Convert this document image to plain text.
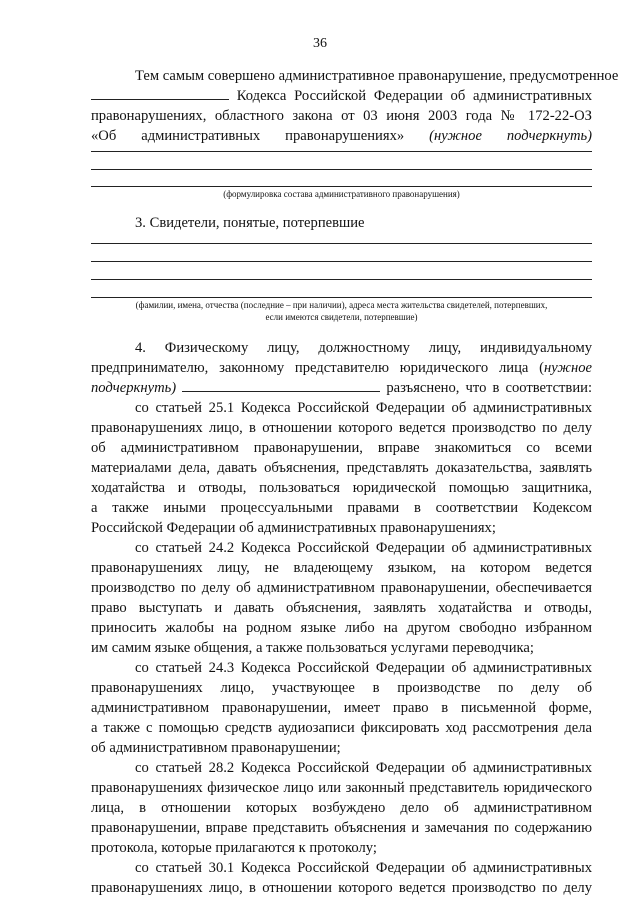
36
Тем самым совершено административное правонарушение, предусмотренное
Кодекса Российской Федерации об административных
правонарушениях, областного закона от 03 июня 2003 года № 172-22-ОЗ
«Об административных правонарушениях» (нужное подчеркнуть)
(формулировка состава административного правонарушения)
3. Свидетели, понятые, потерпевшие
(фамилии, имена, отчества (последние – при наличии), адреса места жительства свидетелей, потерпевших,
если имеются свидетели, потерпевшие)
4. Физическому лицу, должностному лицу, индивидуальному
предпринимателю, законному представителю юридического лица (нужное
подчеркнуть)	разъяснено, что в соответствии:
со статьей 25.1 Кодекса Российской Федерации об административных
правонарушениях лицо, в отношении которого ведется производство по делу
об административном правонарушении, вправе знакомиться со всеми
материалами дела, давать объяснения, представлять доказательства, заявлять
ходатайства и отводы, пользоваться юридической помощью защитника,
а также иными процессуальными правами в соответствии Кодексом
Российской Федерации об административных правонарушениях;
со статьей 24.2 Кодекса Российской Федерации об административных
правонарушениях лицу, не владеющему языком, на котором ведется
производство по делу об административном правонарушении, обеспечивается
право выступать и давать объяснения, заявлять ходатайства и отводы,
приносить жалобы на родном языке либо на другом свободно избранном
им самим языке общения, а также пользоваться услугами переводчика;
со статьей 24.3 Кодекса Российской Федерации об административных
правонарушениях лицо, участвующее в производстве по делу об
административном правонарушении, имеет право в письменной форме,
а также с помощью средств аудиозаписи фиксировать ход рассмотрения дела
об административном правонарушении;
со статьей 28.2 Кодекса Российской Федерации об административных
правонарушениях физическое лицо или законный представитель юридического
лица, в отношении которых возбуждено дело об административном
правонарушении, вправе представить объяснения и замечания по содержанию
протокола, которые прилагаются к протоколу;
со статьей 30.1 Кодекса Российской Федерации об административных
правонарушениях лицо, в отношении которого ведется производство по делу
